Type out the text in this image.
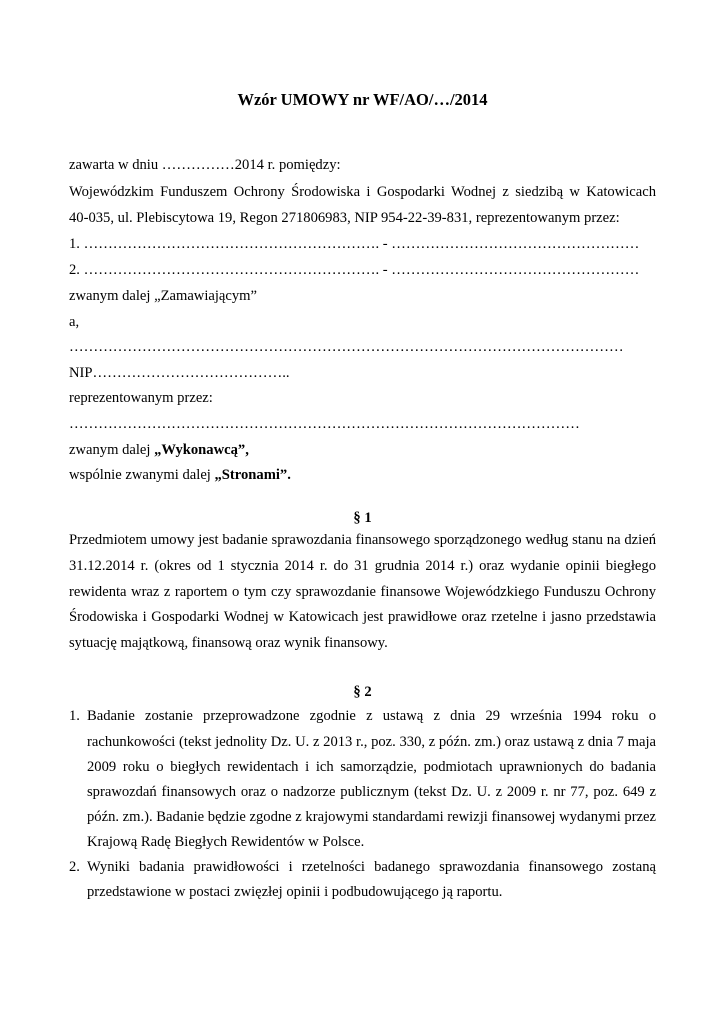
Wzór UMOWY nr WF/AO/…/2014
zawarta w dniu ……………2014 r. pomiędzy:
Wojewódzkim Funduszem Ochrony Środowiska i Gospodarki Wodnej z siedzibą w Katowicach
40-035, ul. Plebiscytowa 19, Regon 271806983, NIP 954-22-39-831, reprezentowanym przez:
1. ……………………………………………………. - ……………………………………………
2. ……………………………………………………. - ……………………………………………
zwanym dalej „Zamawiającym”
a,
……………………………………………………………………………………………………
NIP…………………………………..
reprezentowanym przez:
……………………………………………………………………………………………
zwanym dalej „Wykonawcą”,
wspólnie zwanymi dalej „Stronami”.
§ 1
Przedmiotem umowy jest badanie sprawozdania finansowego sporządzonego według stanu na dzień
31.12.2014 r. (okres od 1 stycznia 2014 r. do 31 grudnia 2014 r.) oraz wydanie opinii biegłego
rewidenta wraz z raportem o tym czy sprawozdanie finansowe Wojewódzkiego Funduszu Ochrony
Środowiska i Gospodarki Wodnej w Katowicach jest prawidłowe oraz rzetelne i jasno przedstawia
sytuację majątkową, finansową oraz wynik finansowy.
§ 2
1. Badanie zostanie przeprowadzone zgodnie z ustawą z dnia 29 września 1994 roku o
rachunkowości (tekst jednolity Dz. U. z 2013 r., poz. 330, z późn. zm.) oraz ustawą z dnia 7 maja
2009 roku o biegłych rewidentach i ich samorządzie, podmiotach uprawnionych do badania
sprawozdań finansowych oraz o nadzorze publicznym (tekst Dz. U. z 2009 r. nr 77, poz. 649 z
późn. zm.). Badanie będzie zgodne z krajowymi standardami rewizji finansowej wydanymi przez
Krajową Radę Biegłych Rewidentów w Polsce.
2. Wyniki badania prawidłowości i rzetelności badanego sprawozdania finansowego zostaną
przedstawione w postaci zwięzłej opinii i podbudowującego ją raportu.
